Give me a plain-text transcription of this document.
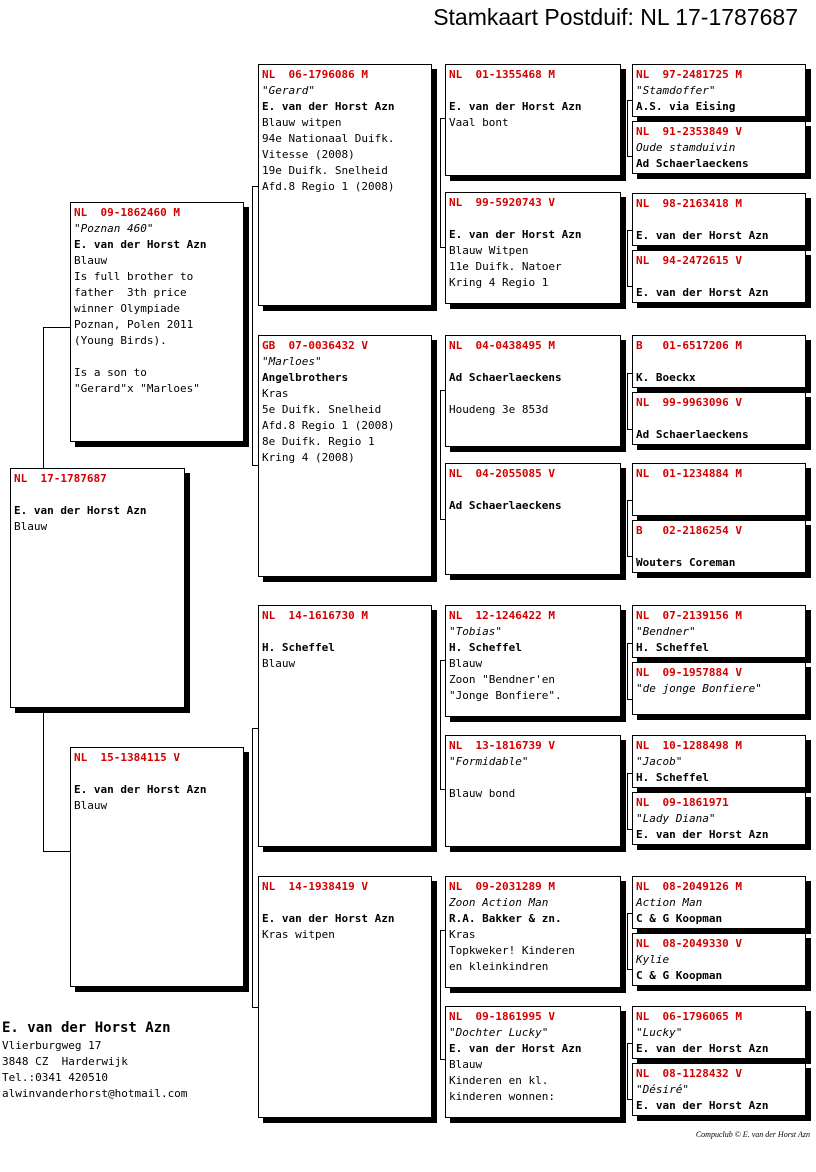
Stamkaart Postduif: NL 17-1787687
NL  17-1787687

E. van der Horst Azn
Blauw
NL  09-1862460 M
"Poznan 460"
E. van der Horst Azn
Blauw
Is full brother to
father  3th price
winner Olympiade
Poznan, Polen 2011
(Young Birds).

Is a son to
"Gerard"x "Marloes"
NL  15-1384115 V

E. van der Horst Azn
Blauw
NL  06-1796086 M
"Gerard"
E. van der Horst Azn
Blauw witpen
94e Nationaal Duifk.
Vitesse (2008)
19e Duifk. Snelheid
Afd.8 Regio 1 (2008)
GB  07-0036432 V
"Marloes"
Angelbrothers
Kras
5e Duifk. Snelheid
Afd.8 Regio 1 (2008)
8e Duifk. Regio 1
Kring 4 (2008)
NL  14-1616730 M

H. Scheffel
Blauw
NL  14-1938419 V

E. van der Horst Azn
Kras witpen
NL  01-1355468 M

E. van der Horst Azn
Vaal bont
NL  99-5920743 V

E. van der Horst Azn
Blauw Witpen
11e Duifk. Natoer
Kring 4 Regio 1
NL  04-0438495 M

Ad Schaerlaeckens

Houdeng 3e 853d
NL  04-2055085 V

Ad Schaerlaeckens
NL  12-1246422 M
"Tobias"
H. Scheffel
Blauw
Zoon "Bendner'en
"Jonge Bonfiere".
NL  13-1816739 V
"Formidable"

Blauw bond
NL  09-2031289 M
Zoon Action Man
R.A. Bakker & zn.
Kras
Topkweker! Kinderen
en kleinkindren
NL  09-1861995 V
"Dochter Lucky"
E. van der Horst Azn
Blauw
Kinderen en kl.
kinderen wonnen:
NL  97-2481725 M
"Stamdoffer"
A.S. via Eising
NL  91-2353849 V
Oude stamduivin
Ad Schaerlaeckens
NL  98-2163418 M

E. van der Horst Azn
NL  94-2472615 V

E. van der Horst Azn
B   01-6517206 M

K. Boeckx
NL  99-9963096 V

Ad Schaerlaeckens
NL  01-1234884 M
B   02-2186254 V

Wouters Coreman
NL  07-2139156 M
"Bendner"
H. Scheffel
NL  09-1957884 V
"de jonge Bonfiere"
NL  10-1288498 M
"Jacob"
H. Scheffel
NL  09-1861971
"Lady Diana"
E. van der Horst Azn
NL  08-2049126 M
Action Man
C & G Koopman
NL  08-2049330 V
Kylie
C & G Koopman
NL  06-1796065 M
"Lucky"
E. van der Horst Azn
NL  08-1128432 V
"Désiré"
E. van der Horst Azn
E. van der Horst Azn
Vlierburgweg 17
3848 CZ  Harderwijk
Tel.:0341 420510
alwinvanderhorst@hotmail.com
Compuclub © E. van der Horst Azn
